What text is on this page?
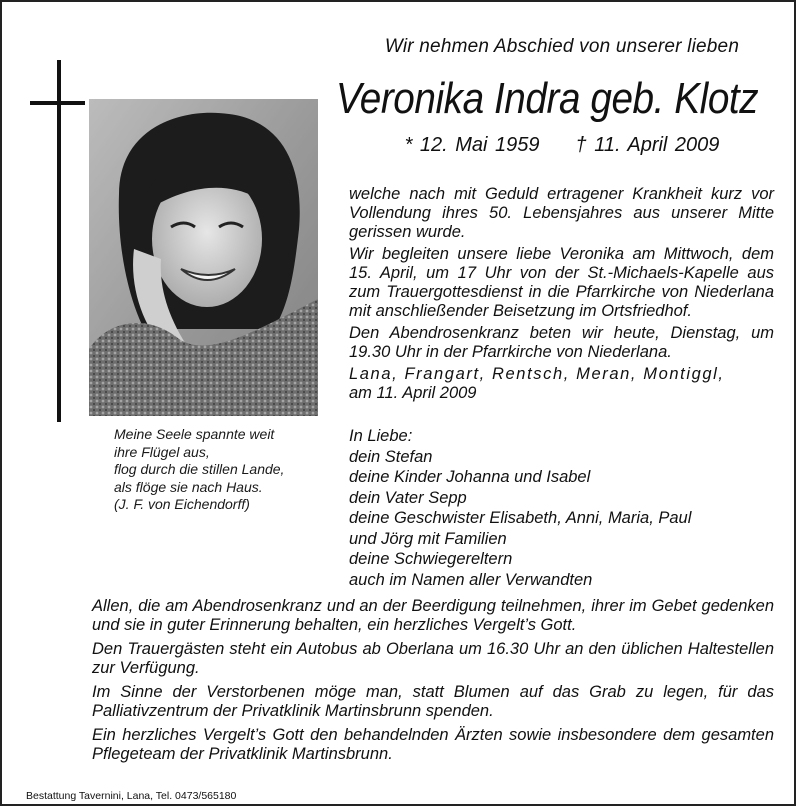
Wir nehmen Abschied von unserer lieben
Veronika Indra geb. Klotz
* 12. Mai 1959 † 11. April 2009
Meine Seele spannte weit
ihre Flügel aus,
flog durch die stillen Lande,
als flöge sie nach Haus.
(J. F. von Eichendorff)

welche nach mit Geduld ertragener Krankheit kurz vor Vollendung ihres 50. Lebensjahres aus unserer Mitte gerissen wurde.

Wir begleiten unsere liebe Veronika am Mittwoch, dem 15. April, um 17 Uhr von der St.-Michaels-Kapelle aus zum Trauergottesdienst in die Pfarrkirche von Niederlana mit anschließender Beisetzung im Ortsfriedhof.

Den Abendrosenkranz beten wir heute, Dienstag, um 19.30 Uhr in der Pfarrkirche von Niederlana.

Lana, Frangart, Rentsch, Meran, Montiggl,
am 11. April 2009
In Liebe:
dein Stefan
deine Kinder Johanna und Isabel
dein Vater Sepp
deine Geschwister Elisabeth, Anni, Maria, Paul
und Jörg mit Familien
deine Schwiegereltern
auch im Namen aller Verwandten

Allen, die am Abendrosenkranz und an der Beerdigung teilnehmen, ihrer im Gebet gedenken und sie in guter Erinnerung behalten, ein herzliches Vergelt’s Gott.

Den Trauergästen steht ein Autobus ab Oberlana um 16.30 Uhr an den üblichen Haltestellen zur Verfügung.

Im Sinne der Verstorbenen möge man, statt Blumen auf das Grab zu legen, für das Palliativzentrum der Privatklinik Martinsbrunn spenden.

Ein herzliches Vergelt’s Gott den behandelnden Ärzten sowie insbesondere dem gesamten Pflegeteam der Privatklinik Martinsbrunn.

Bestattung Tavernini, Lana, Tel. 0473/565180
